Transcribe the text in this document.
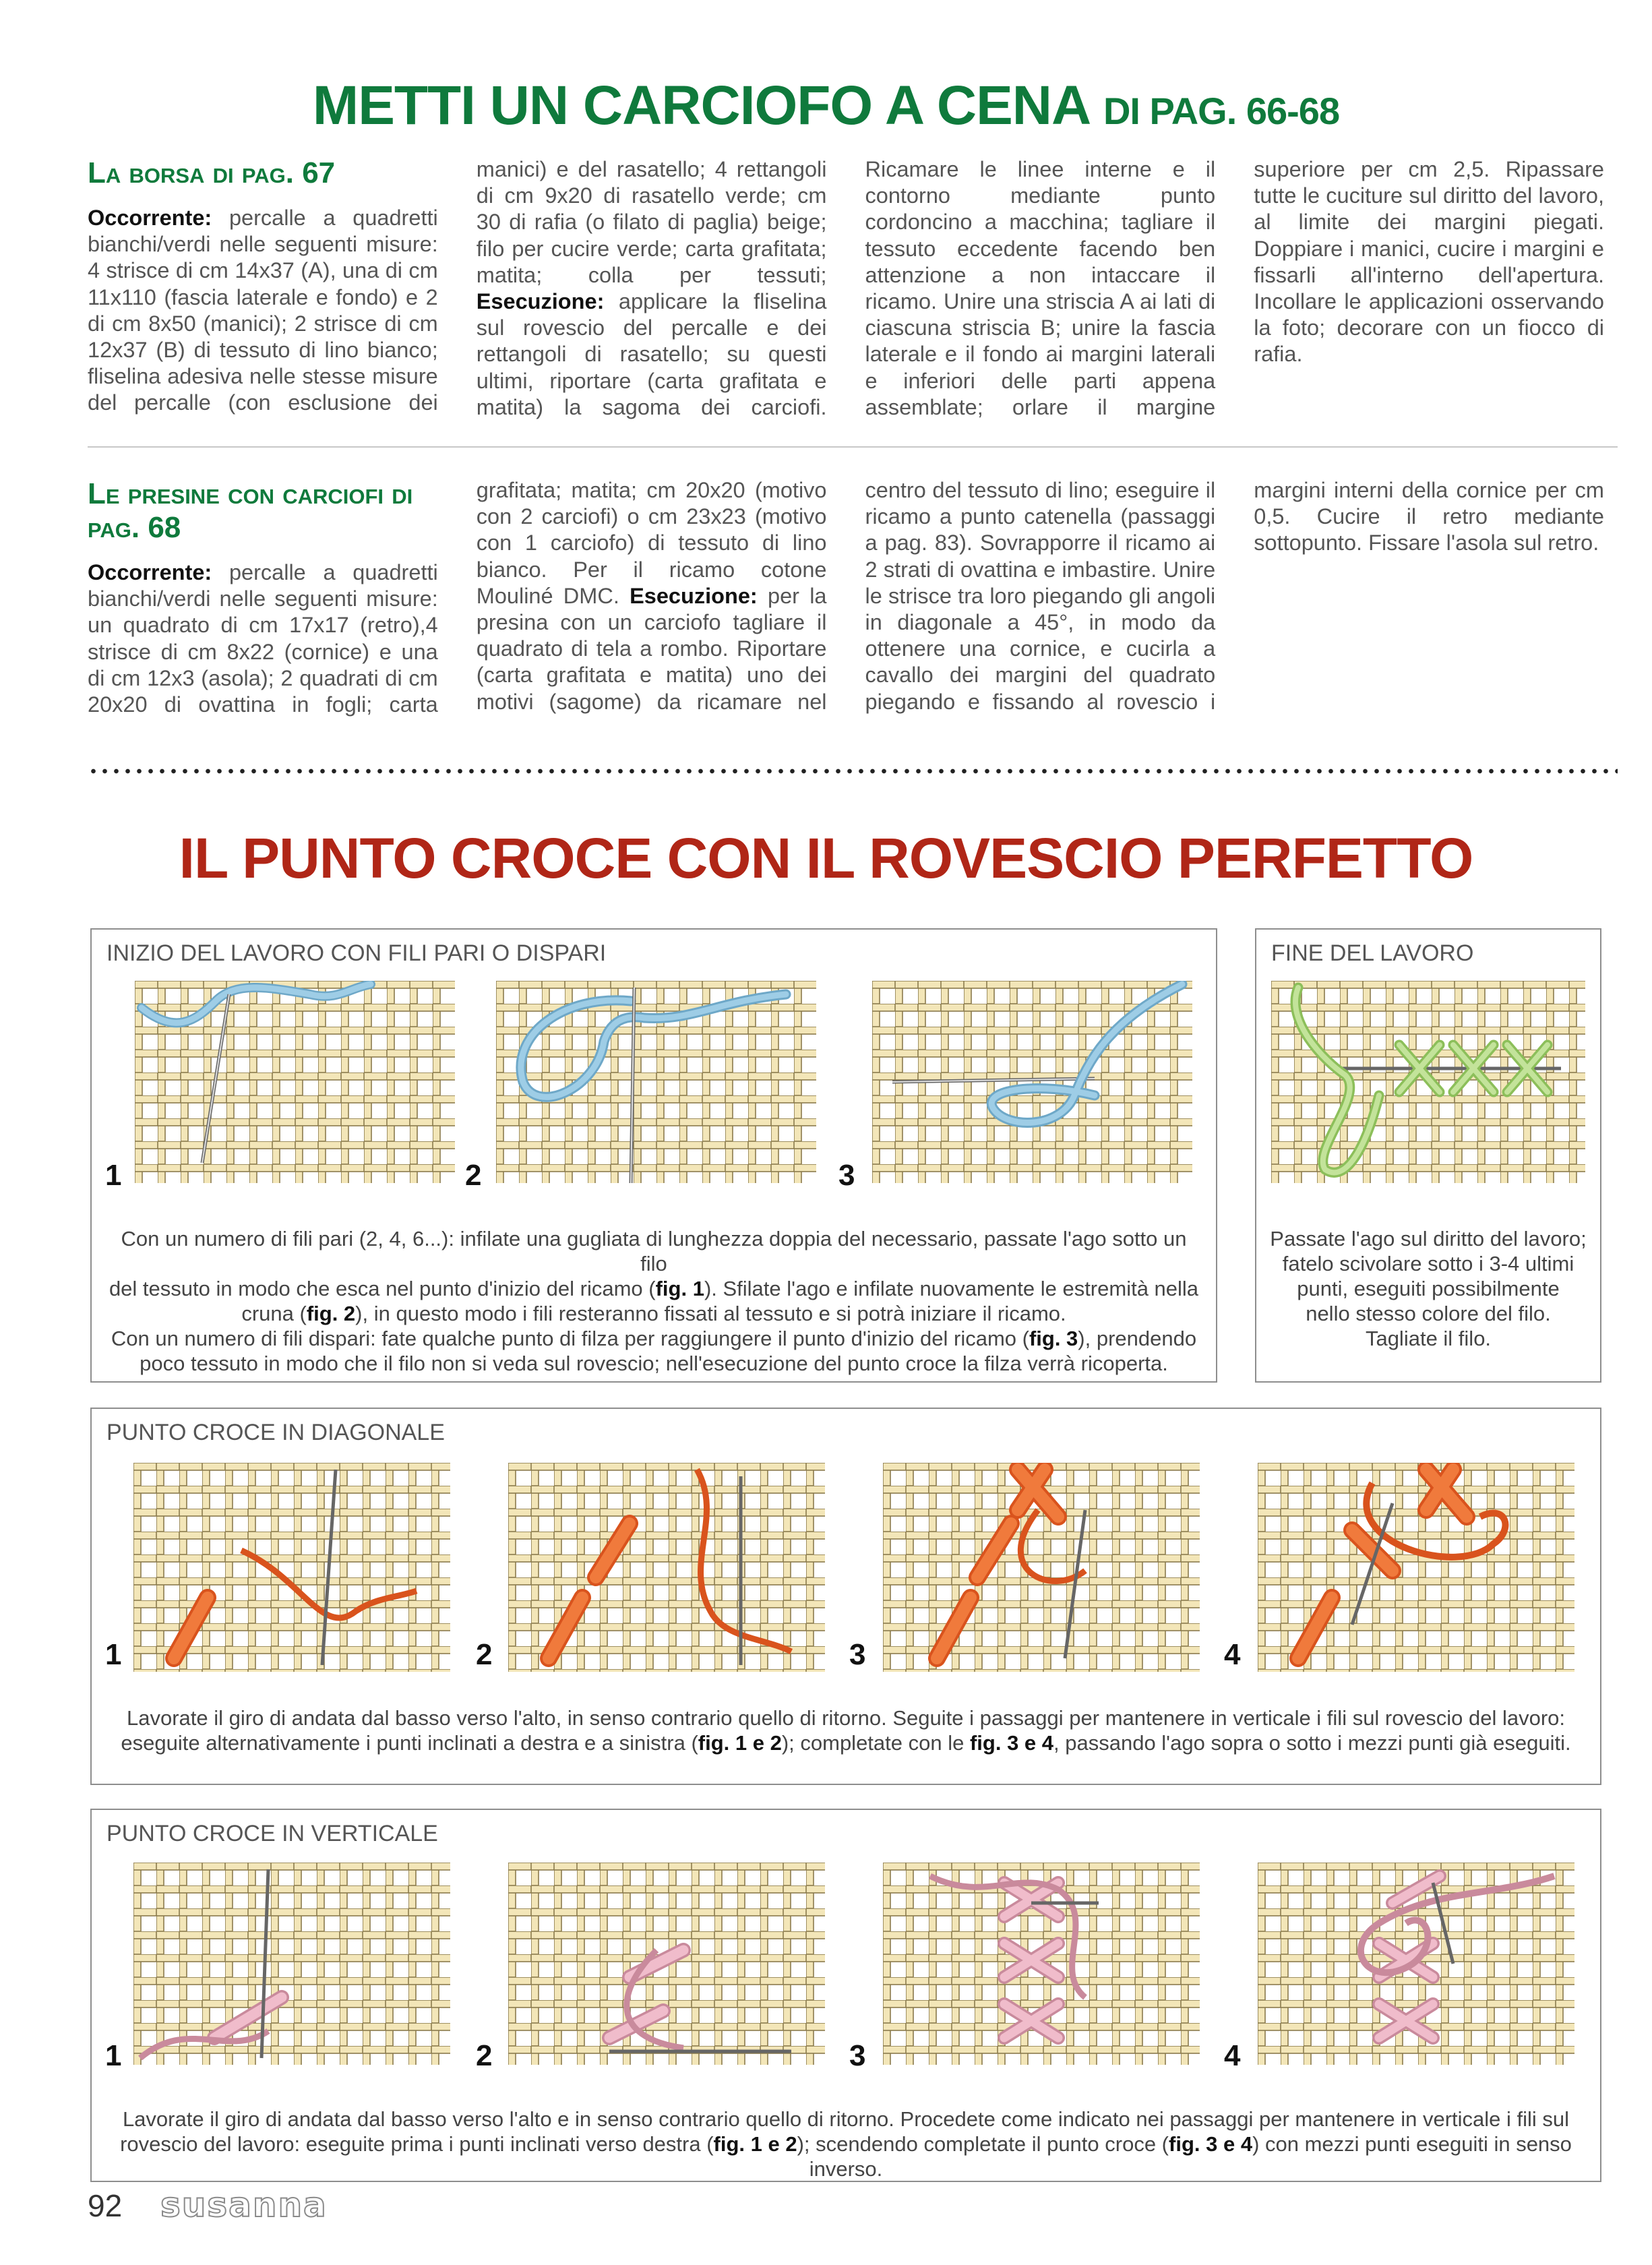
METTI UN CARCIOFO A CENA DI PAG. 66-68
La borsa di pag. 67

Occorrente: percalle a quadretti bianchi/verdi nelle seguenti misure: 4 strisce di cm 14x37 (A), una di cm 11x110 (fascia laterale e fondo) e 2 di cm 8x50 (manici); 2 strisce di cm 12x37 (B) di tessuto di lino bianco; fliselina adesiva nelle stesse misure del percalle (con esclusione dei manici) e del rasatello; 4 rettangoli di cm 9x20 di rasatello verde; cm 30 di rafia (o filato di paglia) beige; filo per cucire verde; carta grafitata; matita; colla per tessuti; Esecuzione: applicare la fliselina sul rovescio del percalle e dei rettangoli di rasatello; su questi ultimi, riportare (carta grafitata e matita) la sagoma dei carciofi. Ricamare le linee interne e il contorno mediante punto cordoncino a macchina; tagliare il tessuto eccedente facendo ben attenzione a non intaccare il ricamo. Unire una striscia A ai lati di ciascuna striscia B; unire la fascia laterale e il fondo ai margini laterali e inferiori delle parti appena assemblate; orlare il margine superiore per cm 2,5. Ripassare tutte le cuciture sul diritto del lavoro, al limite dei margini piegati. Doppiare i manici, cucire i margini e fissarli all'interno dell'apertura. Incollare le applicazioni osservando la foto; decorare con un fiocco di rafia.

Le presine con carciofi di pag. 68

Occorrente: percalle a quadretti bianchi/verdi nelle seguenti misure: un quadrato di cm 17x17 (retro),4 strisce di cm 8x22 (cornice) e una di cm 12x3 (asola); 2 quadrati di cm 20x20 di ovattina in fogli; carta grafitata; matita; cm 20x20 (motivo con 2 carciofi) o cm 23x23 (motivo con 1 carciofo) di tessuto di lino bianco. Per il ricamo cotone Mouliné DMC. Esecuzione: per la presina con un carciofo tagliare il quadrato di tela a rombo. Riportare (carta grafitata e matita) uno dei motivi (sagome) da ricamare nel centro del tessuto di lino; eseguire il ricamo a punto catenella (passaggi a pag. 83). Sovrapporre il ricamo ai 2 strati di ovattina e imbastire. Unire le strisce tra loro piegando gli angoli in diagonale a 45°, in modo da ottenere una cornice, e cucirla a cavallo dei margini del quadrato piegando e fissando al rovescio i margini interni della cornice per cm 0,5. Cucire il retro mediante sottopunto. Fissare l'asola sul retro.

IL PUNTO CROCE CON IL ROVESCIO PERFETTO
INIZIO DEL LAVORO CON FILI PARI O DISPARI
1	2	3
Con un numero di fili pari (2, 4, 6...): infilate una gugliata di lunghezza doppia del necessario, passate l'ago sotto un filo
del tessuto in modo che esca nel punto d'inizio del ricamo (fig. 1). Sfilate l'ago e infilate nuovamente le estremità nella
cruna (fig. 2), in questo modo i fili resteranno fissati al tessuto e si potrà iniziare il ricamo.
Con un numero di fili dispari: fate qualche punto di filza per raggiungere il punto d'inizio del ricamo (fig. 3), prendendo
poco tessuto in modo che il filo non si veda sul rovescio; nell'esecuzione del punto croce la filza verrà ricoperta.
FINE DEL LAVORO
Passate l'ago sul diritto del lavoro;
fatelo scivolare sotto i 3-4 ultimi
punti, eseguiti possibilmente
nello stesso colore del filo.
Tagliate il filo.
PUNTO CROCE IN DIAGONALE
1	2	3	4
Lavorate il giro di andata dal basso verso l'alto, in senso contrario quello di ritorno. Seguite i passaggi per mantenere in verticale i fili sul rovescio del lavoro:
eseguite alternativamente i punti inclinati a destra e a sinistra (fig. 1 e 2); completate con le fig. 3 e 4, passando l'ago sopra o sotto i mezzi punti già eseguiti.
PUNTO CROCE IN VERTICALE
1	2	3	4
Lavorate il giro di andata dal basso verso l'alto e in senso contrario quello di ritorno. Procedete come indicato nei passaggi per mantenere in verticale i fili sul
rovescio del lavoro: eseguite prima i punti inclinati verso destra (fig. 1 e 2); scendendo completate il punto croce (fig. 3 e 4) con mezzi punti eseguiti in senso inverso.
92 susanna
